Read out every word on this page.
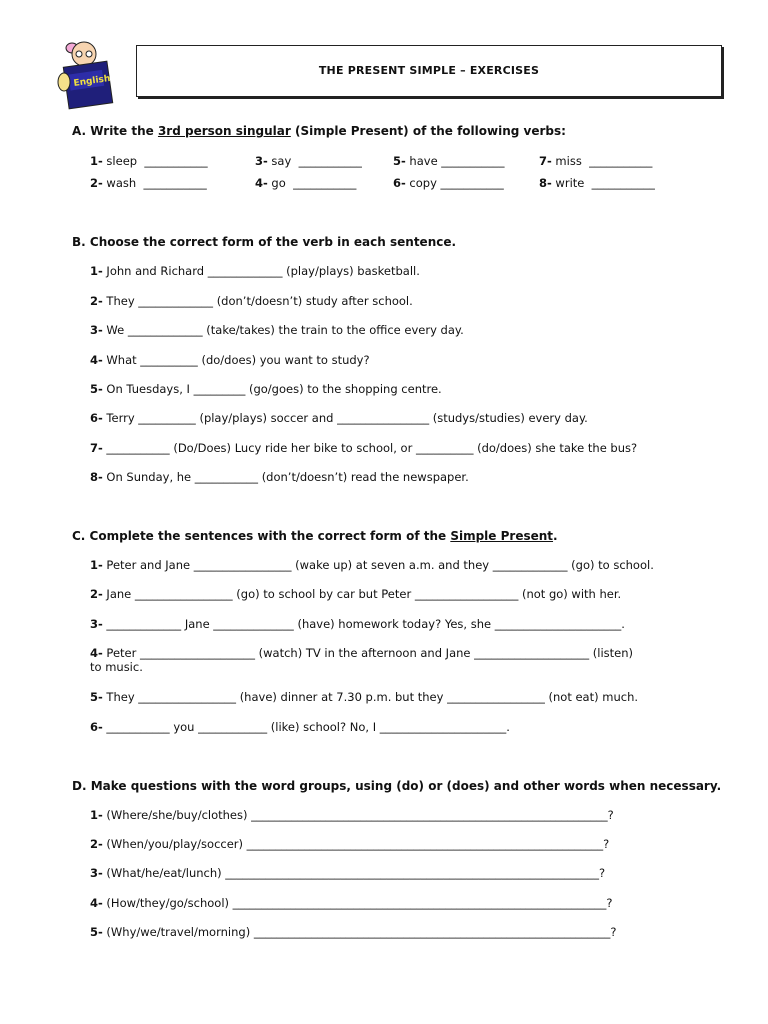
English
THE PRESENT SIMPLE – EXERCISES
A. Write the 3rd person singular (Simple Present) of the following verbs:
1- sleep  ___________	3- say  ___________	5- have ___________	7- miss  ___________
2- wash  ___________	4- go  ___________	6- copy ___________	8- write  ___________
B. Choose the correct form of the verb in each sentence.
1- John and Richard _____________ (play/plays) basketball.
2- They _____________ (don’t/doesn’t) study after school.
3- We _____________ (take/takes) the train to the office every day.
4- What __________ (do/does) you want to study?
5- On Tuesdays, I _________ (go/goes) to the shopping centre.
6- Terry __________ (play/plays) soccer and ________________ (studys/studies) every day.
7- ___________ (Do/Does) Lucy ride her bike to school, or __________ (do/does) she take the bus?
8- On Sunday, he ___________ (don’t/doesn’t) read the newspaper.
C. Complete the sentences with the correct form of the Simple Present.
1- Peter and Jane _________________ (wake up) at seven a.m. and they _____________ (go) to school.
2- Jane _________________ (go) to school by car but Peter __________________ (not go) with her.
3- _____________ Jane ______________ (have) homework today? Yes, she ______________________.
4- Peter ____________________ (watch) TV in the afternoon and Jane ____________________ (listen)
to music.
5- They _________________ (have) dinner at 7.30 p.m. but they _________________ (not eat) much.
6- ___________ you ____________ (like) school? No, I ______________________.
D. Make questions with the word groups, using (do) or (does) and other words when necessary.
1- (Where/she/buy/clothes) ______________________________________________________________?
2- (When/you/play/soccer) ______________________________________________________________?
3- (What/he/eat/lunch) _________________________________________________________________?
4- (How/they/go/school) _________________________________________________________________?
5- (Why/we/travel/morning) ______________________________________________________________?
